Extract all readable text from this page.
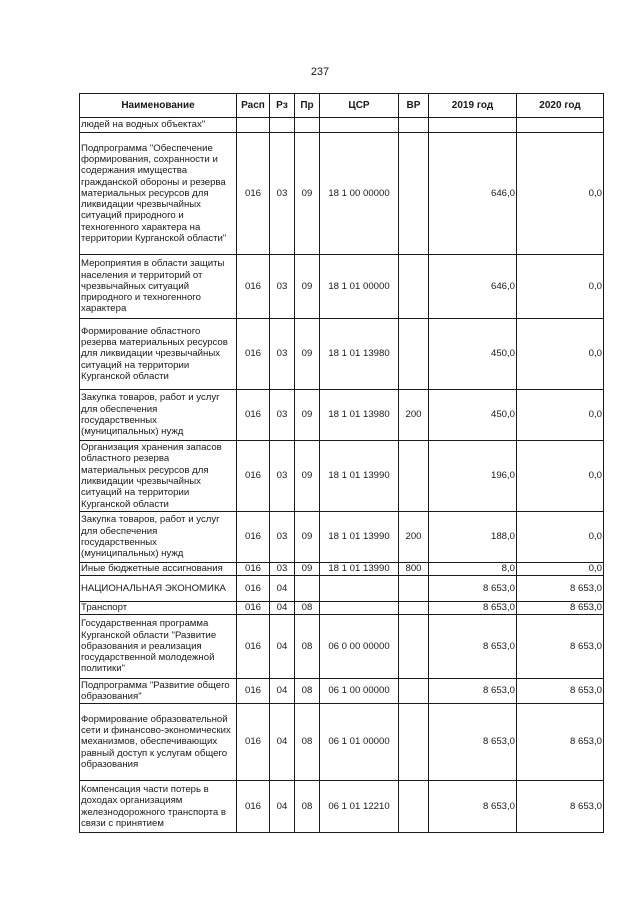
237
Наименование	Расп	Рз	Пр	ЦСР	ВР	2019 год	2020 год
людей на водных объектах"							
Подпрограмма "Обеспечение формирования, сохранности и содержания имущества гражданской обороны и резерва материальных ресурсов для ликвидации чрезвычайных ситуаций природного и техногенного характера на территории Курганской области"	016	03	09	18 1 00 00000		646,0	0,0
Мероприятия в области защиты населения и территорий от чрезвычайных ситуаций природного и техногенного характера	016	03	09	18 1 01 00000		646,0	0,0
Формирование областного резерва материальных ресурсов для ликвидации чрезвычайных ситуаций на территории Курганской области	016	03	09	18 1 01 13980		450,0	0,0
Закупка товаров, работ и услуг для обеспечения государственных (муниципальных) нужд	016	03	09	18 1 01 13980	200	450,0	0,0
Организация хранения запасов областного резерва материальных ресурсов для ликвидации чрезвычайных ситуаций на территории Курганской области	016	03	09	18 1 01 13990		196,0	0,0
Закупка товаров, работ и услуг для обеспечения государственных (муниципальных) нужд	016	03	09	18 1 01 13990	200	188,0	0,0
Иные бюджетные ассигнования	016	03	09	18 1 01 13990	800	8,0	0,0
НАЦИОНАЛЬНАЯ ЭКОНОМИКА	016	04				8 653,0	8 653,0
Транспорт	016	04	08			8 653,0	8 653,0
Государственная программа Курганской области "Развитие образования и реализация государственной молодежной политики"	016	04	08	06 0 00 00000		8 653,0	8 653,0
Подпрограмма "Развитие общего образования"	016	04	08	06 1 00 00000		8 653,0	8 653,0
Формирование образовательной сети и финансово-экономических механизмов, обеспечивающих равный доступ к услугам общего образования	016	04	08	06 1 01 00000		8 653,0	8 653,0
Компенсация части потерь в доходах организациям железнодорожного транспорта в связи с принятием	016	04	08	06 1 01 12210		8 653,0	8 653,0
